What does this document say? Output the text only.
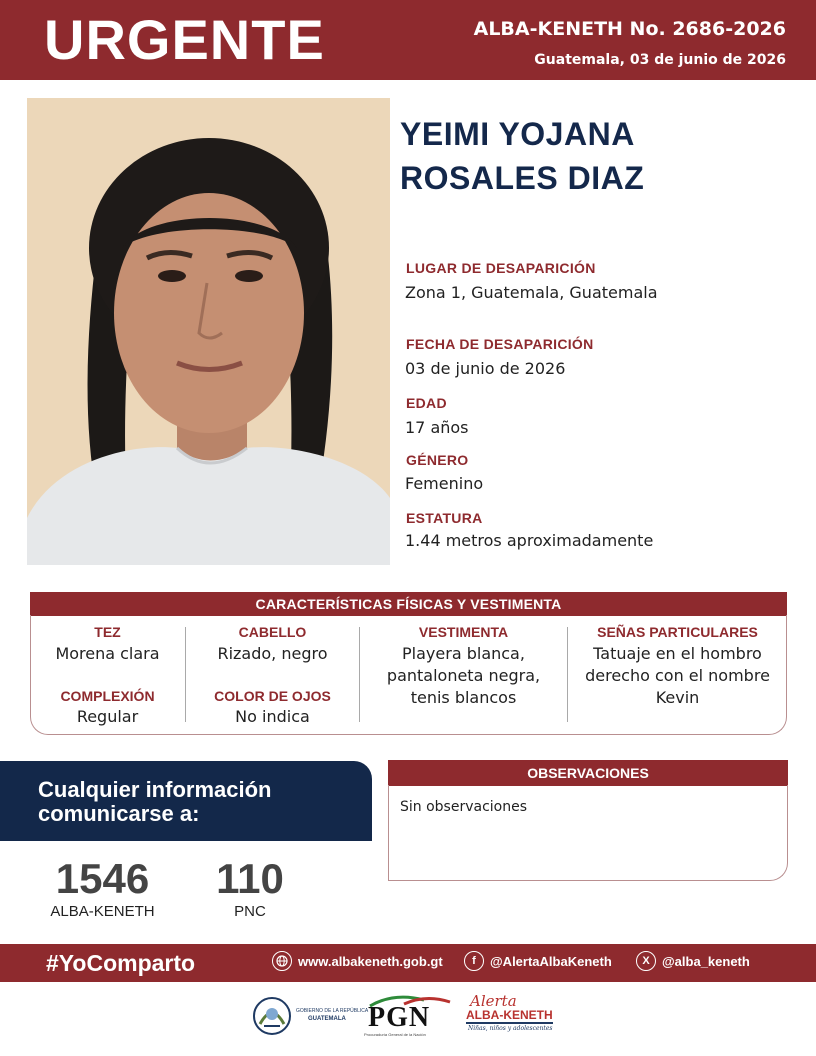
URGENTE	ALBA-KENETH No. 2686-2026
Guatemala, 03 de junio de 2026
YEIMI YOJANA
ROSALES DIAZ
LUGAR DE DESAPARICIÓN
Zona 1, Guatemala, Guatemala
FECHA DE DESAPARICIÓN
03 de junio de 2026
EDAD
17 años
GÉNERO
Femenino
ESTATURA
1.44 metros aproximadamente
CARACTERÍSTICAS FÍSICAS Y VESTIMENTA
TEZ
Morena clara
COMPLEXIÓN
Regular
CABELLO
Rizado, negro
COLOR DE OJOS
No indica
VESTIMENTA
Playera blanca, pantaloneta negra, tenis blancos
SEÑAS PARTICULARES
Tatuaje en el hombro derecho con el nombre Kevin
Cualquier información comunicarse a:
1546
ALBA-KENETH
110
PNC
OBSERVACIONES
Sin observaciones
#YoComparto	www.albakeneth.gob.gt	f	@AlertaAlbaKeneth	X @alba_keneth
GOBIERNO DE LA REPÚBLICA
GUATEMALA PGN
Procuraduría General de la Nación
Alerta
ALBA-KENETH
Niñas, niños y adolescentes
